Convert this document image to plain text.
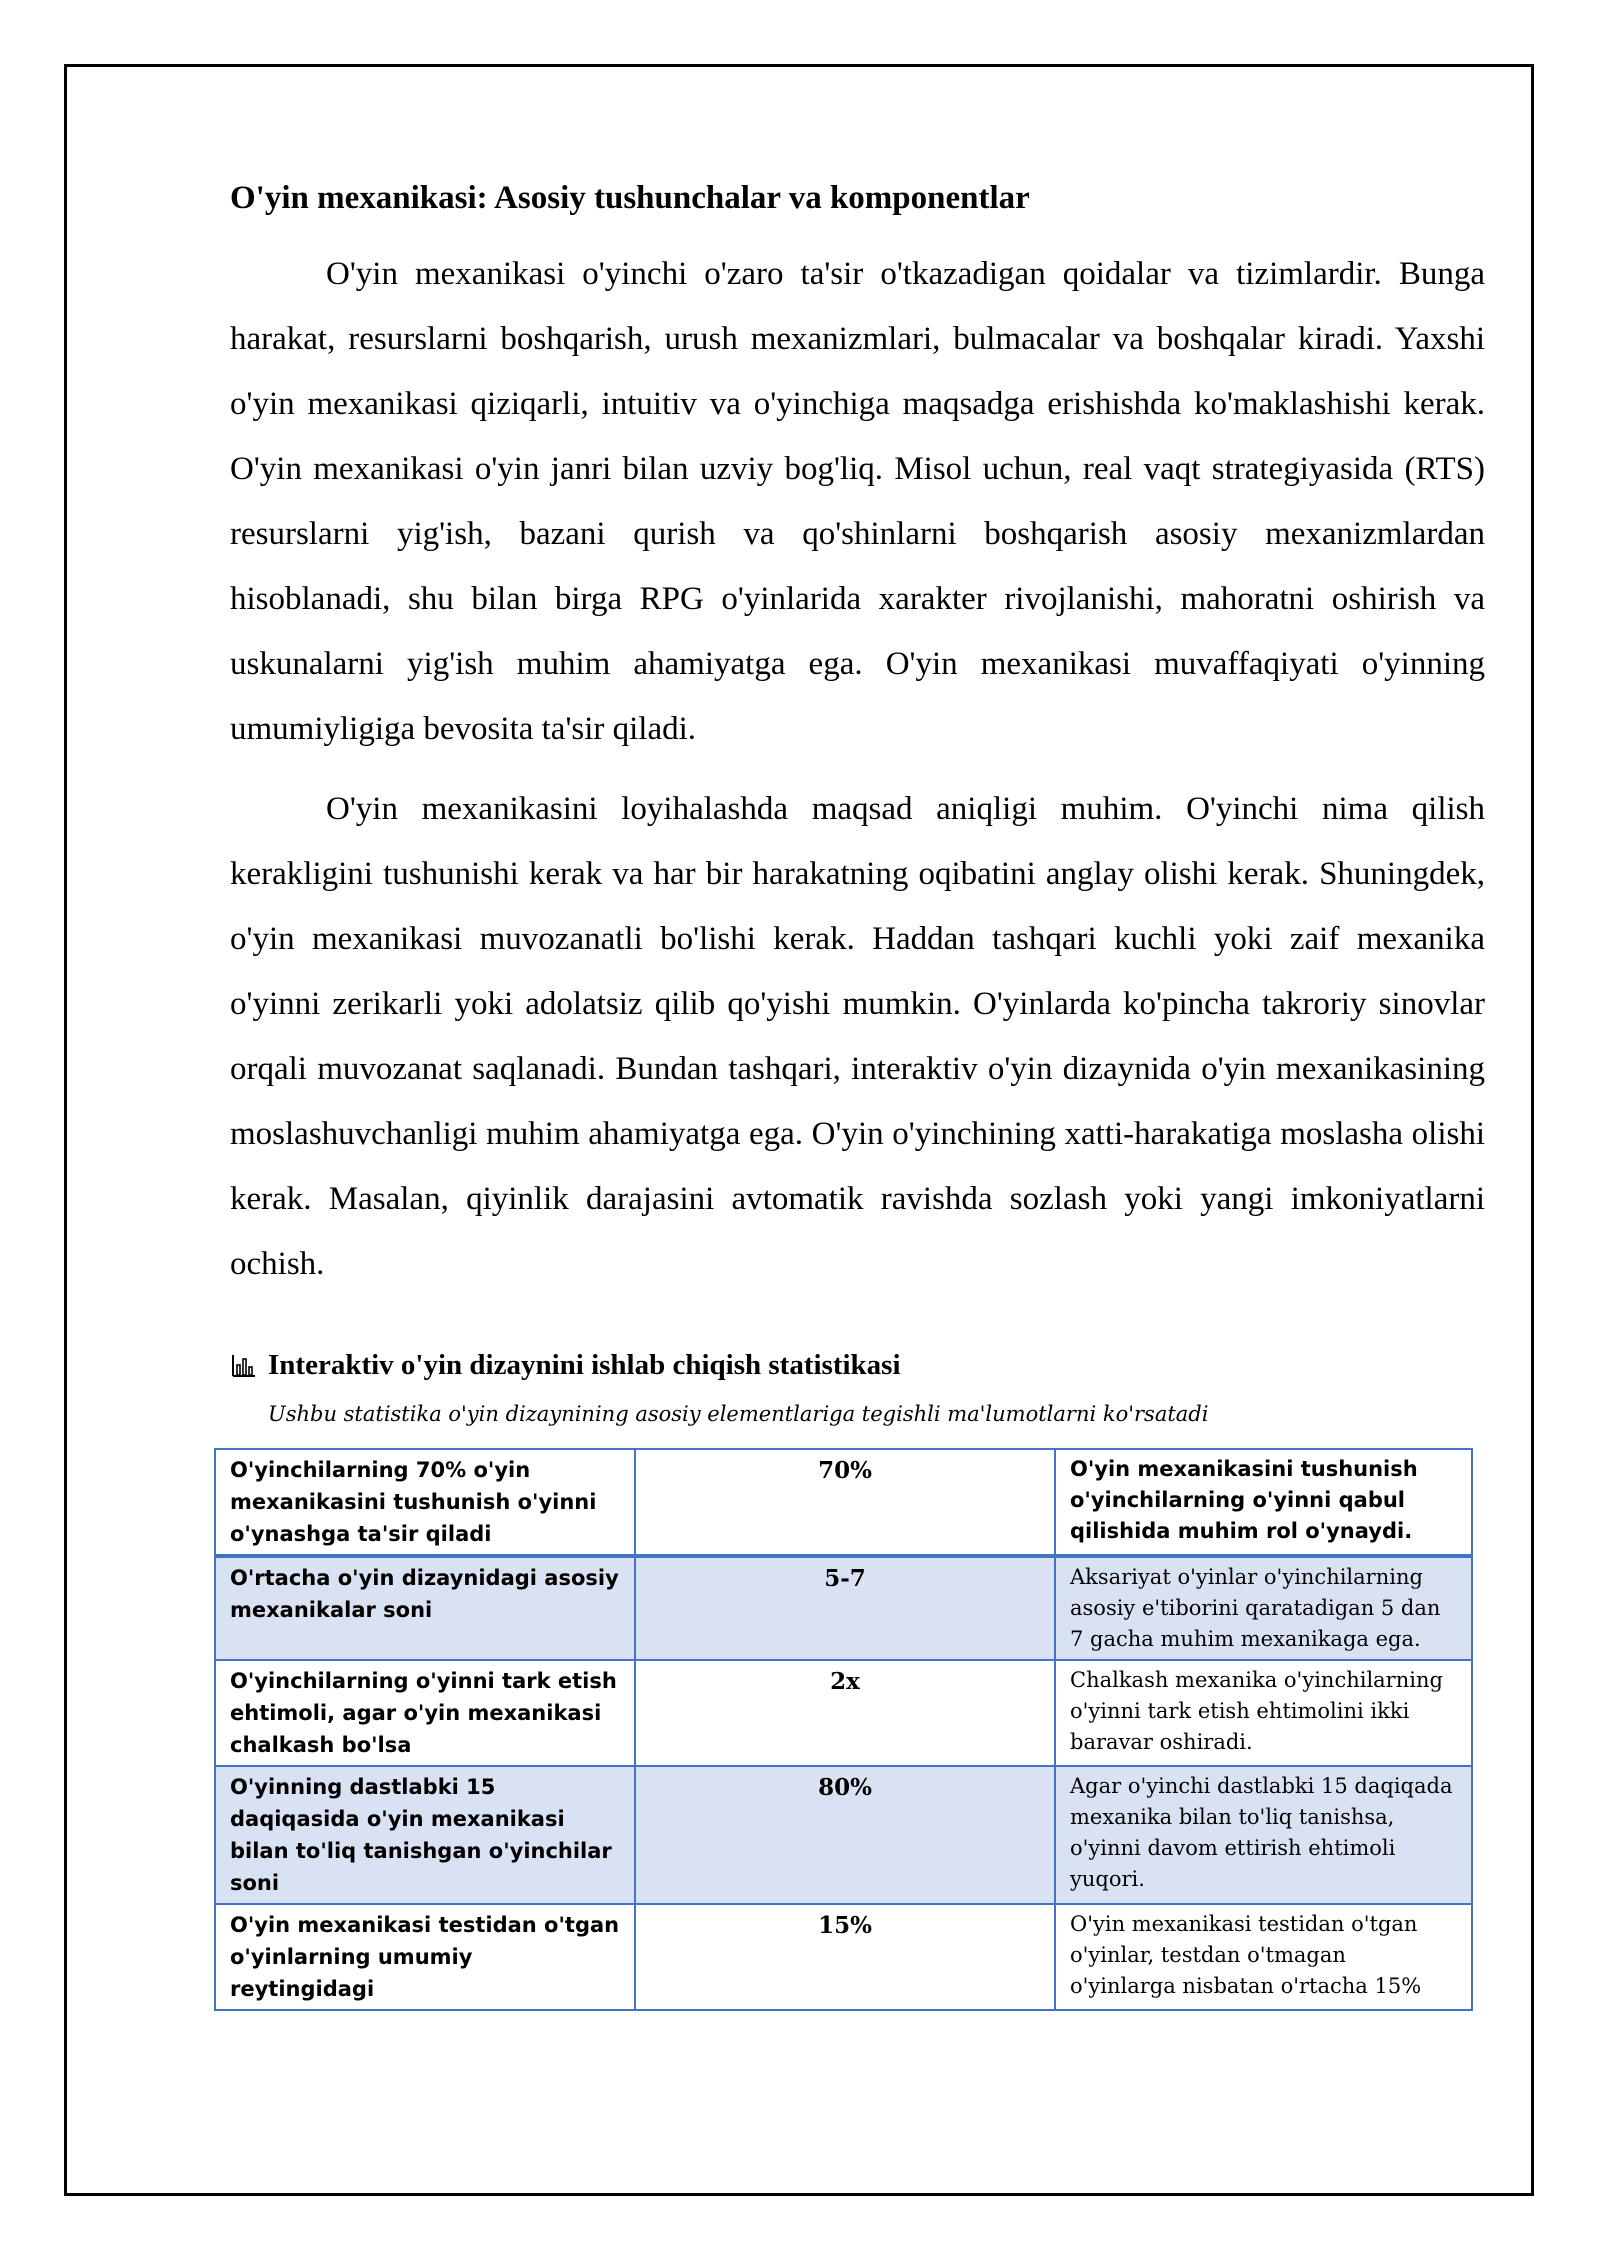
O'yin mexanikasi: Asosiy tushunchalar va komponentlar

O'yin mexanikasi o'yinchi o'zaro ta'sir o'tkazadigan qoidalar va tizimlardir. Bunga harakat, resurslarni boshqarish, urush mexanizmlari, bulmacalar va boshqalar kiradi. Yaxshi o'yin mexanikasi qiziqarli, intuitiv va o'yinchiga maqsadga erishishda ko'maklashishi kerak. O'yin mexanikasi o'yin janri bilan uzviy bog'liq. Misol uchun, real vaqt strategiyasida (RTS) resurslarni yig'ish, bazani qurish va qo'shinlarni boshqarish asosiy mexanizmlardan hisoblanadi, shu bilan birga RPG o'yinlarida xarakter rivojlanishi, mahoratni oshirish va uskunalarni yig'ish muhim ahamiyatga ega. O'yin mexanikasi muvaffaqiyati o'yinning umumiyligiga bevosita ta'sir qiladi.

O'yin mexanikasini loyihalashda maqsad aniqligi muhim. O'yinchi nima qilish kerakligini tushunishi kerak va har bir harakatning oqibatini anglay olishi kerak. Shuningdek, o'yin mexanikasi muvozanatli bo'lishi kerak. Haddan tashqari kuchli yoki zaif mexanika o'yinni zerikarli yoki adolatsiz qilib qo'yishi mumkin. O'yinlarda ko'pincha takroriy sinovlar orqali muvozanat saqlanadi. Bundan tashqari, interaktiv o'yin dizaynida o'yin mexanikasining moslashuvchanligi muhim ahamiyatga ega. O'yin o'yinchining xatti-harakatiga moslasha olishi kerak. Masalan, qiyinlik darajasini avtomatik ravishda sozlash yoki yangi imkoniyatlarni ochish.

Interaktiv o'yin dizaynini ishlab chiqish statistikasi
Ushbu statistika o'yin dizaynining asosiy elementlariga tegishli ma'lumotlarni ko'rsatadi
O'yinchilarning 70% o'yin mexanikasini tushunish o'yinni o'ynashga ta'sir qiladi	70%	O'yin mexanikasini tushunish o'yinchilarning o'yinni qabul qilishida muhim rol o'ynaydi.
O'rtacha o'yin dizaynidagi asosiy mexanikalar soni	5-7	Aksariyat o'yinlar o'yinchilarning asosiy e'tiborini qaratadigan 5 dan 7 gacha muhim mexanikaga ega.
O'yinchilarning o'yinni tark etish ehtimoli, agar o'yin mexanikasi chalkash bo'lsa	2x	Chalkash mexanika o'yinchilarning o'yinni tark etish ehtimolini ikki baravar oshiradi.
O'yinning dastlabki 15 daqiqasida o'yin mexanikasi bilan to'liq tanishgan o'yinchilar soni	80%	Agar o'yinchi dastlabki 15 daqiqada mexanika bilan to'liq tanishsa, o'yinni davom ettirish ehtimoli yuqori.
O'yin mexanikasi testidan o'tgan o'yinlarning umumiy reytingidagi	15%	O'yin mexanikasi testidan o'tgan o'yinlar, testdan o'tmagan o'yinlarga nisbatan o'rtacha 15%
